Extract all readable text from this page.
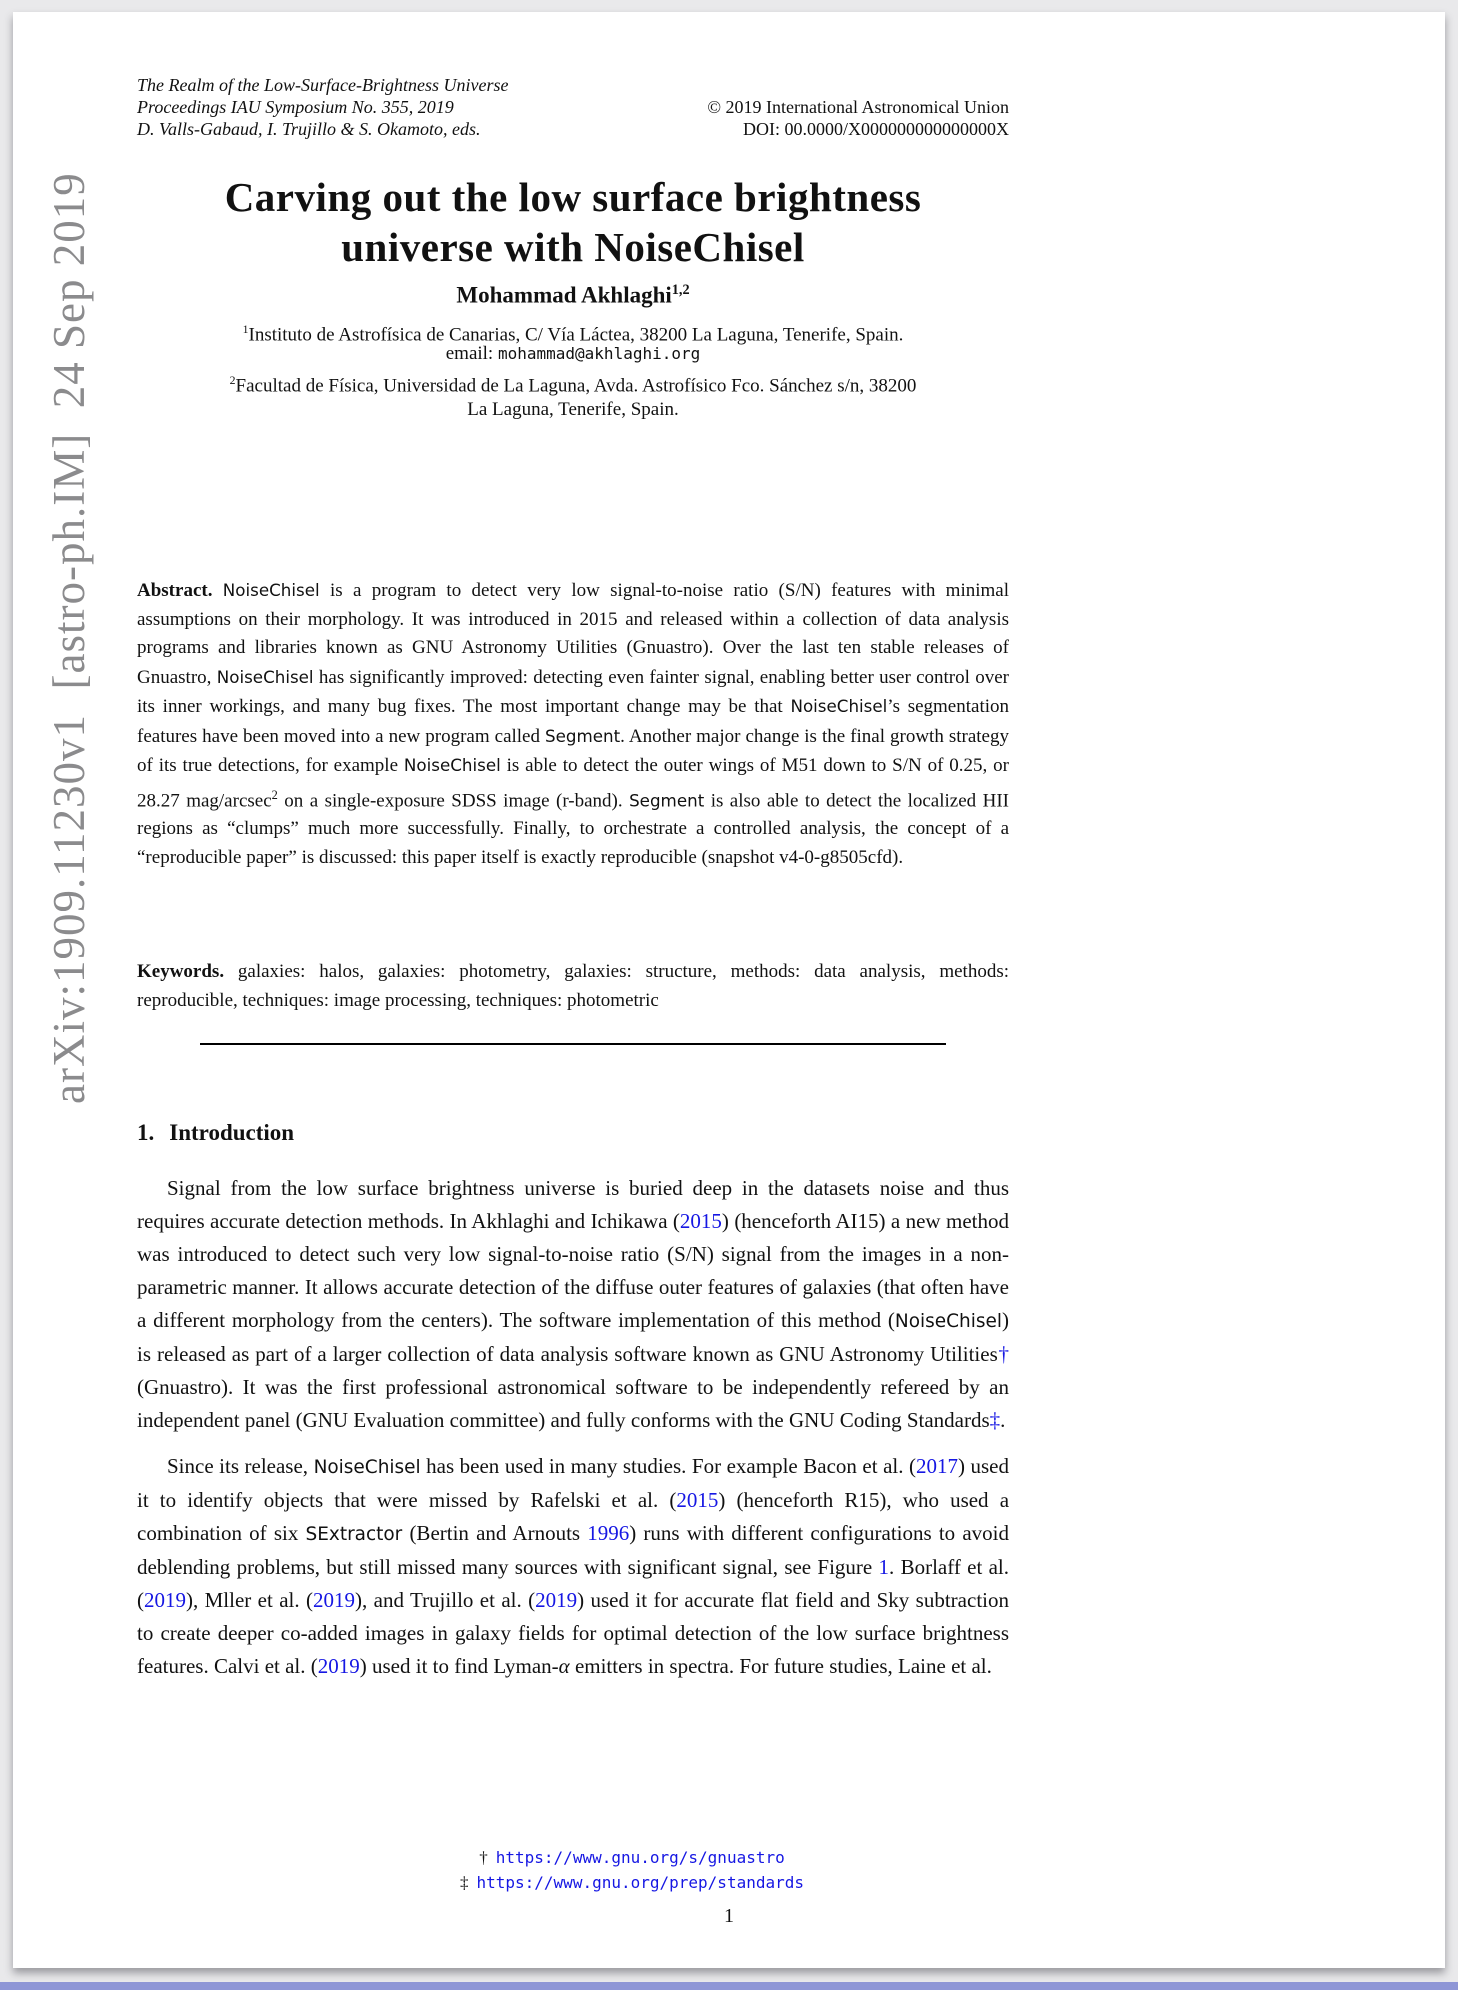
arXiv:1909.11230v1  [astro-ph.IM]  24 Sep 2019
The Realm of the Low-Surface-Brightness Universe
Proceedings IAU Symposium No. 355, 2019
D. Valls-Gabaud, I. Trujillo & S. Okamoto, eds.
© 2019 International Astronomical Union
DOI: 00.0000/X000000000000000X
Carving out the low surface brightness
universe with NoiseChisel
Mohammad Akhlaghi$^{1,2}$
$^1$Instituto de Astrofísica de Canarias, C/ Vía Láctea, 38200 La Laguna, Tenerife, Spain.
email: mohammad@akhlaghi.org
$^2$Facultad de Física, Universidad de La Laguna, Avda. Astrofísico Fco. Sánchez s/n, 38200
La Laguna, Tenerife, Spain.
Abstract. NoiseChisel is a program to detect very low signal-to-noise ratio (S/N) features with minimal assumptions on their morphology. It was introduced in 2015 and released within a collection of data analysis programs and libraries known as GNU Astronomy Utilities (Gnuastro). Over the last ten stable releases of Gnuastro, NoiseChisel has significantly improved: detecting even fainter signal, enabling better user control over its inner workings, and many bug fixes. The most important change may be that NoiseChisel’s segmentation features have been moved into a new program called Segment. Another major change is the final growth strategy of its true detections, for example NoiseChisel is able to detect the outer wings of M51 down to S/N of 0.25, or 28.27 mag/arcsec$^2$ on a single-exposure SDSS image (r-band). Segment is also able to detect the localized HII regions as “clumps” much more successfully. Finally, to orchestrate a controlled analysis, the concept of a “reproducible paper” is discussed: this paper itself is exactly reproducible (snapshot v4-0-g8505cfd).
Keywords. galaxies: halos, galaxies: photometry, galaxies: structure, methods: data analysis, methods: reproducible, techniques: image processing, techniques: photometric
1. Introduction

Signal from the low surface brightness universe is buried deep in the datasets noise and thus requires accurate detection methods. In Akhlaghi and Ichikawa (2015) (henceforth AI15) a new method was introduced to detect such very low signal-to-noise ratio (S/N) signal from the images in a non-parametric manner. It allows accurate detection of the diffuse outer features of galaxies (that often have a different morphology from the centers). The software implementation of this method (NoiseChisel) is released as part of a larger collection of data analysis software known as GNU Astronomy Utilities† (Gnuastro). It was the first professional astronomical software to be independently refereed by an independent panel (GNU Evaluation committee) and fully conforms with the GNU Coding Standards‡.

Since its release, NoiseChisel has been used in many studies. For example Bacon et al. (2017) used it to identify objects that were missed by Rafelski et al. (2015) (henceforth R15), who used a combination of six SExtractor (Bertin and Arnouts 1996) runs with different configurations to avoid deblending problems, but still missed many sources with significant signal, see Figure 1. Borlaff et al. (2019), Mller et al. (2019), and Trujillo et al. (2019) used it for accurate flat field and Sky subtraction to create deeper co-added images in galaxy fields for optimal detection of the low surface brightness features. Calvi et al. (2019) used it to find Lyman-α emitters in spectra. For future studies, Laine et al.

† https://www.gnu.org/s/gnuastro
‡ https://www.gnu.org/prep/standards
1
